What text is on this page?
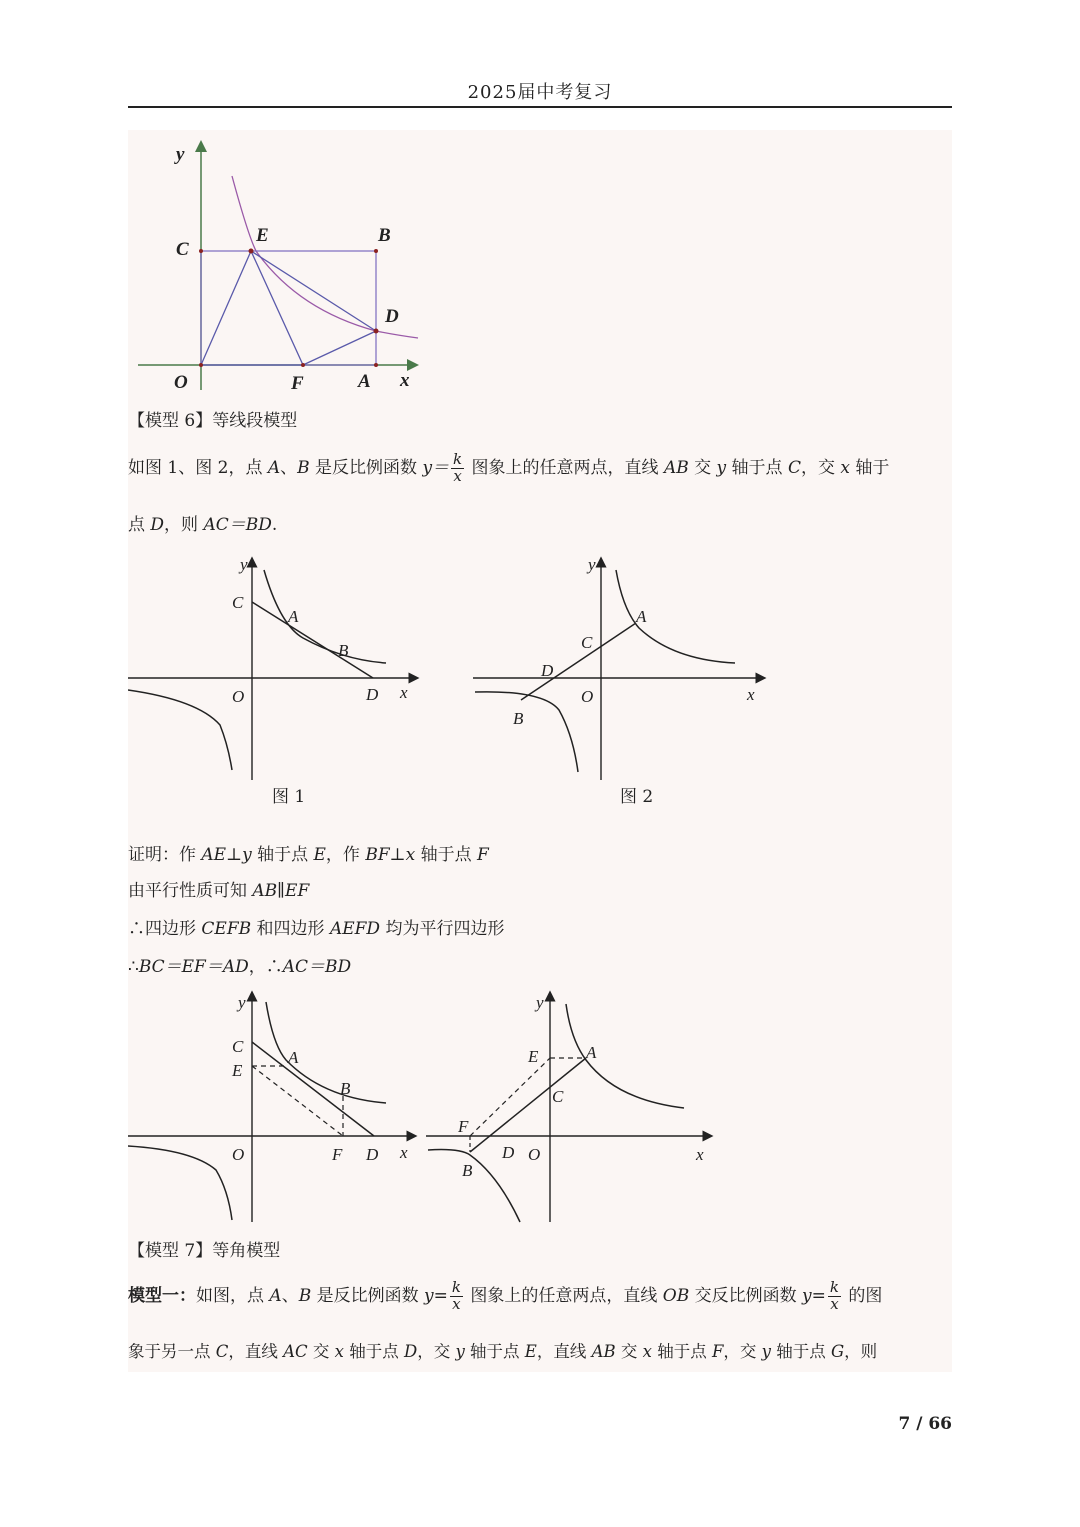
2025届中考复习
y
x
O
C
E	B
D
F	A
【模型 6】等线段模型
如图 1、图 2，点 A、B 是反比例函数 $y= \frac{k}{x}$ 图象上的任意两点，直线 AB 交 y 轴于点 C，交 x 轴于
点 D，则 AC＝BD.
y
x
O
C
A
B
D
图 1
y
x
O
C
A
B
D
图 2
证明：作 AE⊥y 轴于点 E，作 BF⊥x 轴于点 F
由平行性质可知 AB∥EF
∴四边形 CEFB 和四边形 AEFD 均为平行四边形
∴BC＝EF＝AD，∴AC＝BD
y
x
O
C
E
A
B
F D
y
x
O
C
E	A
B
F
D
【模型 7】等角模型
模型一：如图，点 A、B 是反比例函数 $y= \frac{k}{x}$ 图象上的任意两点，直线 OB 交反比例函数 $y= \frac{k}{x}$ 的图
象于另一点 C，直线 AC 交 x 轴于点 D，交 y 轴于点 E，直线 AB 交 x 轴于点 F，交 y 轴于点 G，则
7 / 66
